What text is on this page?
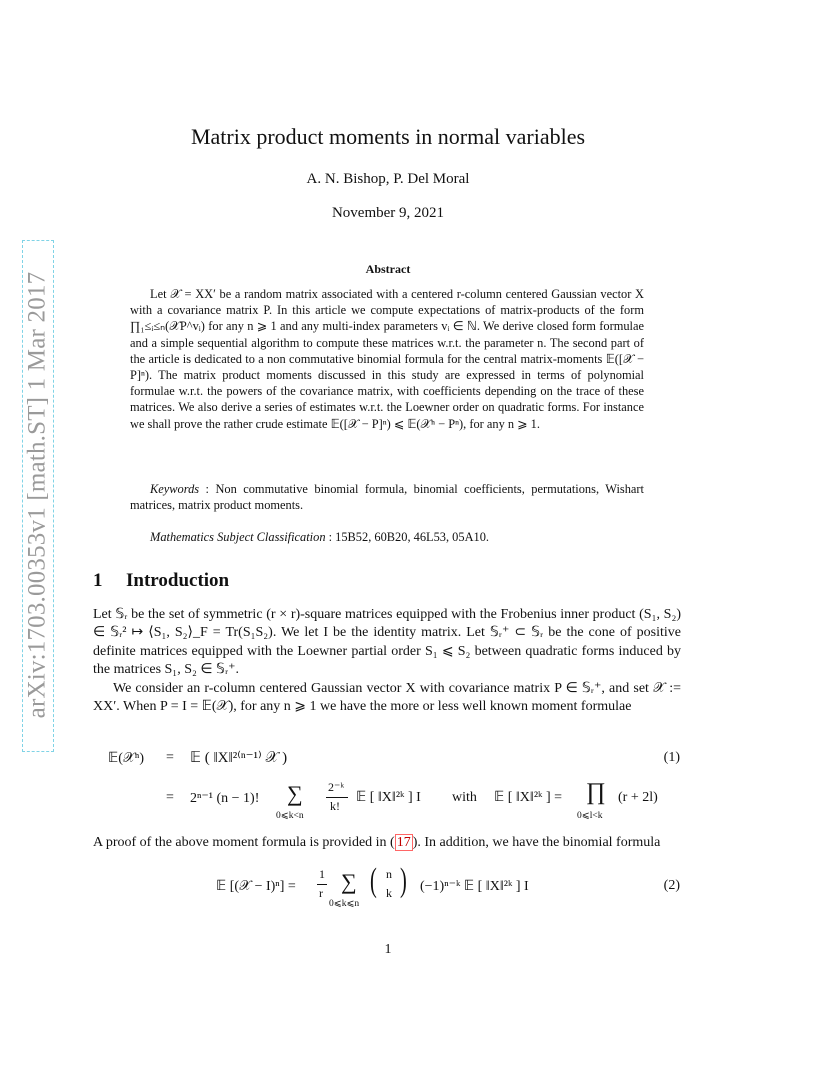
arXiv:1703.00353v1 [math.ST] 1 Mar 2017
Matrix product moments in normal variables
A. N. Bishop, P. Del Moral
November 9, 2021
Abstract

Let 𝒳 = XX′ be a random matrix associated with a centered r-column centered Gaussian vector X with a covariance matrix P. In this article we compute expectations of matrix-products of the form ∏₁≤ᵢ≤ₙ(𝒳P^vᵢ) for any n ⩾ 1 and any multi-index parameters vᵢ ∈ ℕ. We derive closed form formulae and a simple sequential algorithm to compute these matrices w.r.t. the parameter n. The second part of the article is dedicated to a non commutative binomial formula for the central matrix-moments 𝔼([𝒳 − P]ⁿ). The matrix product moments discussed in this study are expressed in terms of polynomial formulae w.r.t. the powers of the covariance matrix, with coefficients depending on the trace of these matrices. We also derive a series of estimates w.r.t. the Loewner order on quadratic forms. For instance we shall prove the rather crude estimate 𝔼([𝒳 − P]ⁿ) ⩽ 𝔼(𝒳ⁿ − Pⁿ), for any n ⩾ 1.

Keywords : Non commutative binomial formula, binomial coefficients, permutations, Wishart matrices, matrix product moments.
Mathematics Subject Classification : 15B52, 60B20, 46L53, 05A10.
1 Introduction

Let 𝕊ᵣ be the set of symmetric (r × r)-square matrices equipped with the Frobenius inner product (S₁, S₂) ∈ 𝕊ᵣ² ↦ ⟨S₁, S₂⟩_F = Tr(S₁S₂). We let I be the identity matrix. Let 𝕊ᵣ⁺ ⊂ 𝕊ᵣ be the cone of positive definite matrices equipped with the Loewner partial order S₁ ⩽ S₂ between quadratic forms induced by the matrices S₁, S₂ ∈ 𝕊ᵣ⁺.

We consider an r-column centered Gaussian vector X with covariance matrix P ∈ 𝕊ᵣ⁺, and set 𝒳 := XX′. When P = I = 𝔼(𝒳), for any n ⩾ 1 we have the more or less well known moment formulae

𝔼(𝒳ⁿ) = 𝔼 ( ‖X‖²⁽ⁿ⁻¹⁾ 𝒳 )	(1)
= 2ⁿ⁻¹ (n − 1)! ∑
0⩽k<n
2⁻ᵏ
k!
𝔼 [ ‖X‖²ᵏ ] I with 𝔼 [ ‖X‖²ᵏ ] = ∏
0⩽l<k
(r + 2l)

A proof of the above moment formula is provided in ( 17 ). In addition, we have the binomial formula

𝔼 [(𝒳 − I)ⁿ] =
1
r ∑
0⩽k⩽n
( n
k ) (−1)ⁿ⁻ᵏ 𝔼 [ ‖X‖²ᵏ ] I	(2)
1
